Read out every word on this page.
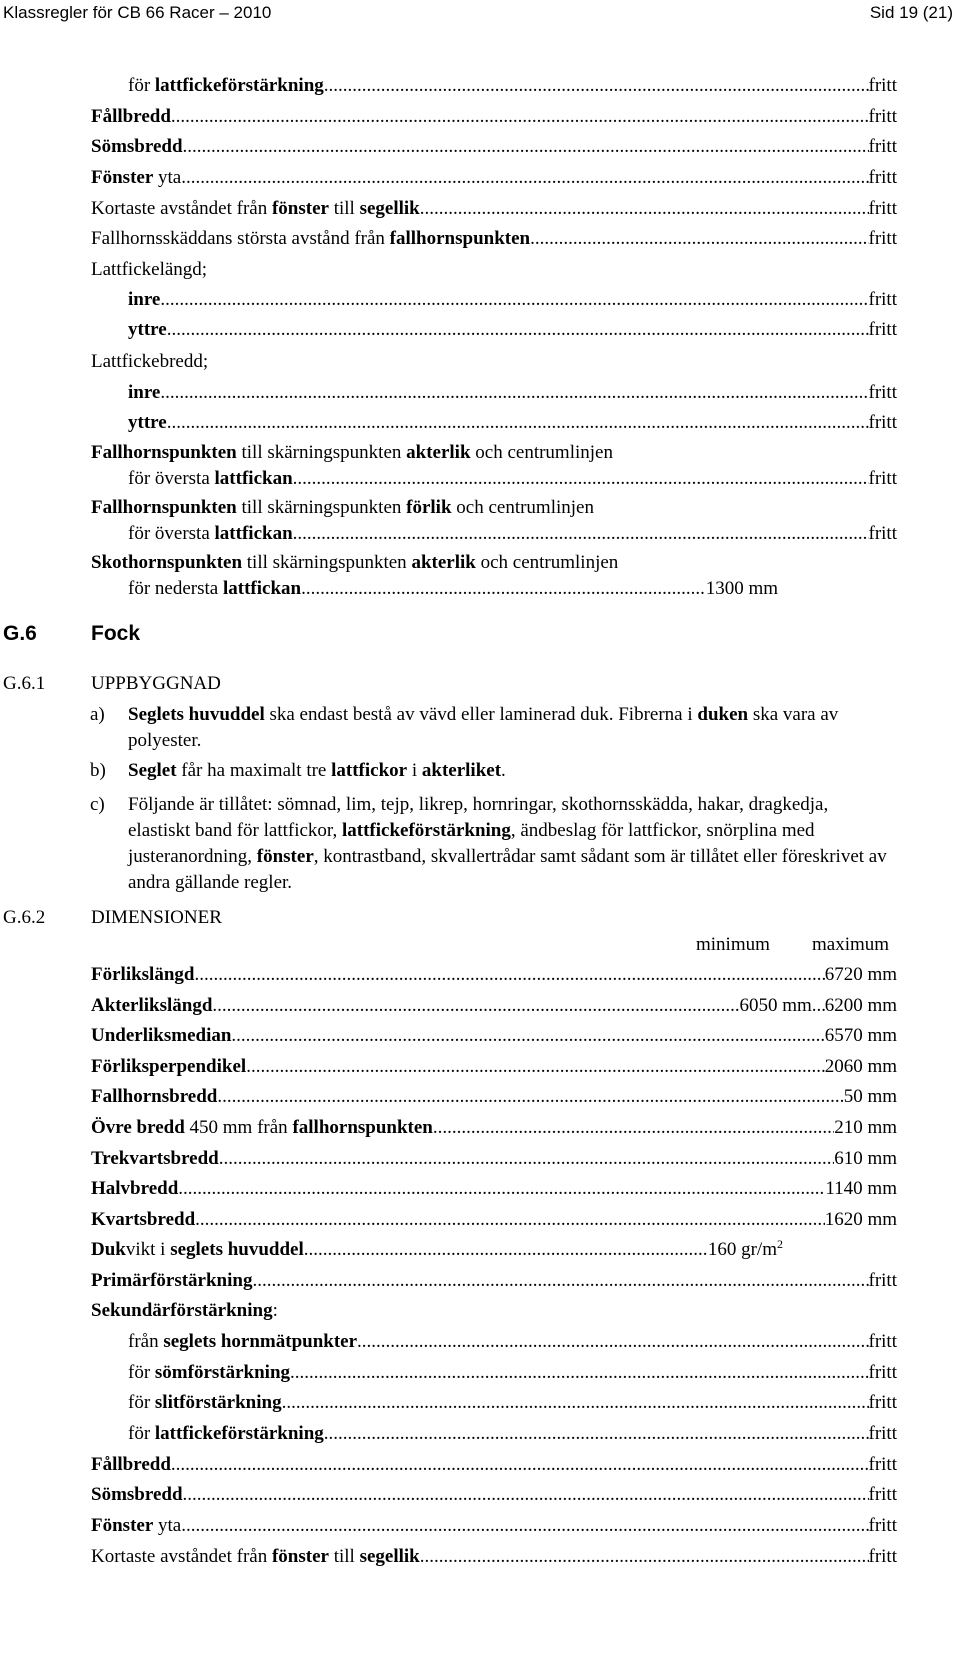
Klassregler för CB 66 Racer – 2010	Sid 19 (21)
för lattfickeförstärkning .....	fritt
Fållbredd .....	fritt
Sömsbredd .....	fritt
Fönster yta .....	fritt
Kortaste avståndet från fönster till segellik .....	fritt
Fallhornsskäddans största avstånd från fallhornspunkten .....	fritt
Lattfickelängd;
inre .....	fritt
yttre .....	fritt
Lattfickebredd;
inre .....	fritt
yttre .....	fritt
Fallhornspunkten till skärningspunkten akterlik och centrumlinjen
för översta lattfickan .....	fritt
Fallhornspunkten till skärningspunkten förlik och centrumlinjen
för översta lattfickan .....	fritt
Skothornspunkten till skärningspunkten akterlik och centrumlinjen
för nedersta lattfickan .....	1300 mm
G.6	Fock
G.6.1 UPPBYGGNAD
a) Seglets huvuddel ska endast bestå av vävd eller laminerad duk. Fibrerna i duken ska vara av polyester.
b) Seglet får ha maximalt tre lattfickor i akterliket.
c) Följande är tillåtet: sömnad, lim, tejp, likrep, hornringar, skothornsskädda, hakar, dragkedja, elastiskt band för lattfickor, lattfickeförstärkning, ändbeslag för lattfickor, snörplina med justeranordning, fönster, kontrastband, skvallertrådar samt sådant som är tillåtet eller föreskrivet av andra gällande regler.
G.6.2 DIMENSIONER
minimum maximum
Förlikslängd .....	6720 mm
Akterlikslängd .....	6050 mm ..... 6200 mm
Underliksmedian .....	6570 mm
Förliksperpendikel .....	2060 mm
Fallhornsbredd .....	50 mm
Övre bredd 450 mm från fallhornspunkten .....	210 mm
Trekvartsbredd .....	610 mm
Halvbredd .....	1140 mm
Kvartsbredd .....	1620 mm
Dukvikt i seglets huvuddel .....	160 $gr/m^2$
Primärförstärkning .....	fritt
Sekundärförstärkning:
från seglets hornmätpunkter .....	fritt
för sömförstärkning .....	fritt
för slitförstärkning .....	fritt
för lattfickeförstärkning .....	fritt
Fållbredd .....	fritt
Sömsbredd .....	fritt
Fönster yta .....	fritt
Kortaste avståndet från fönster till segellik .....	fritt
